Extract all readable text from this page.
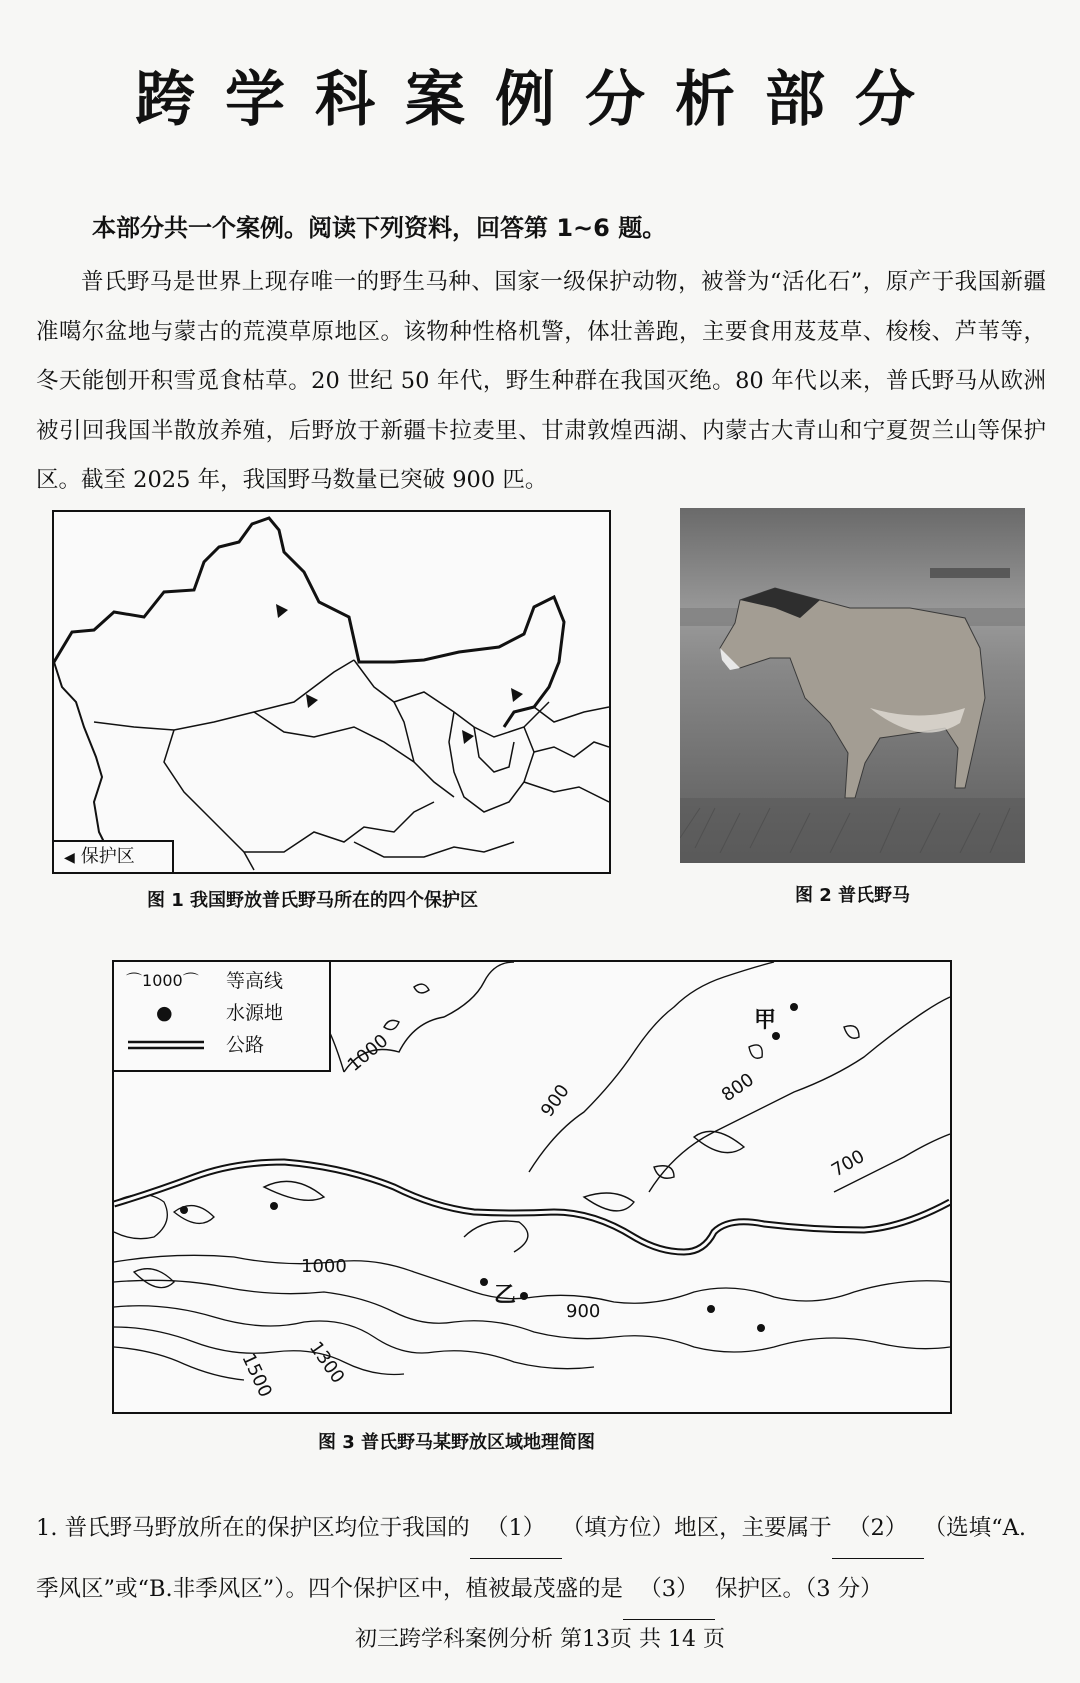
跨学科案例分析部分
本部分共一个案例。阅读下列资料，回答第 1~6 题。
普氏野马是世界上现存唯一的野生马种、国家一级保护动物，被誉为“活化石”，原产于我国新疆准噶尔盆地与蒙古的荒漠草原地区。该物种性格机警，体壮善跑，主要食用芨芨草、梭梭、芦苇等，冬天能刨开积雪觅食枯草。20 世纪 50 年代，野生种群在我国灭绝。80 年代以来，普氏野马从欧洲被引回我国半散放养殖，后野放于新疆卡拉麦里、甘肃敦煌西湖、内蒙古大青山和宁夏贺兰山等保护区。截至 2025 年，我国野马数量已突破 900 匹。
◀ 保护区
图 1 我国野放普氏野马所在的四个保护区	图 2 普氏野马
甲
乙
1000
900	800
700
1000
900
1300
1500
⌒1000⌒	等高线
●	水源地
公路
图 3 普氏野马某野放区域地理简图
1. 普氏野马野放所在的保护区均位于我国的 （1） （填方位）地区，主要属于 （2） （选填“A.季风区”或“B.非季风区”）。四个保护区中，植被最茂盛的是 （3） 保护区。（3 分）
初三跨学科案例分析 第13页 共 14 页
